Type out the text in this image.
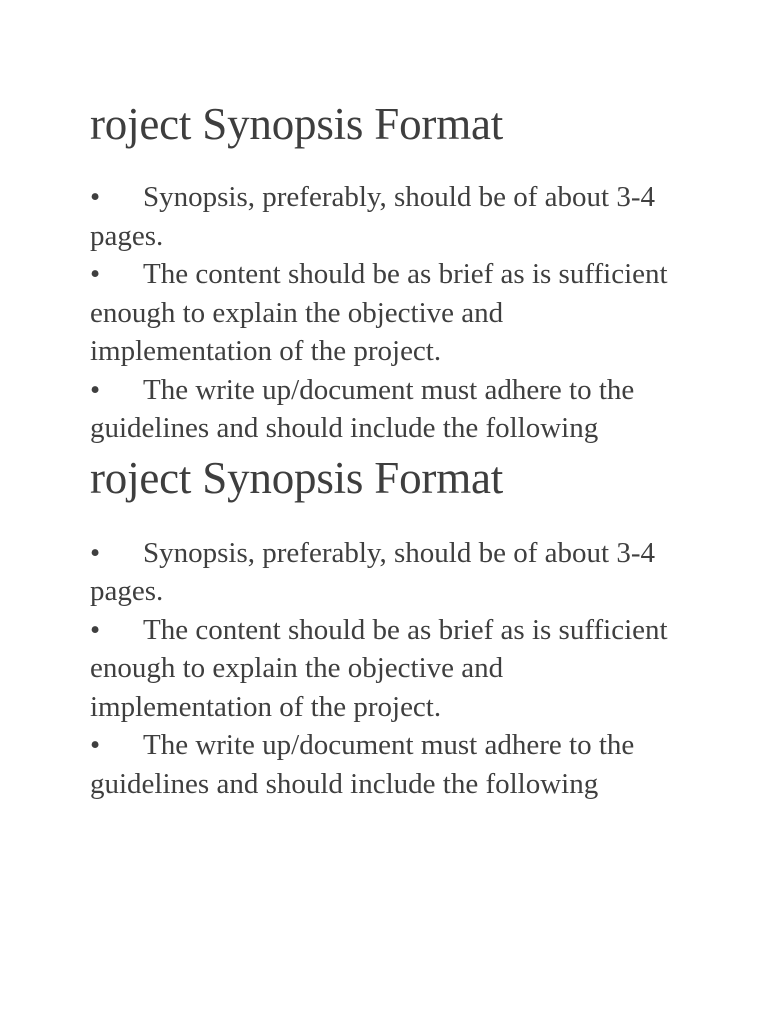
roject Synopsis Format
• Synopsis, preferably, should be of about 3-4 pages.
• The content should be as brief as is sufficient enough to explain the objective and implementation of the project.
• The write up/document must adhere to the guidelines and should include the following
roject Synopsis Format
• Synopsis, preferably, should be of about 3-4 pages.
• The content should be as brief as is sufficient enough to explain the objective and implementation of the project.
• The write up/document must adhere to the guidelines and should include the following
